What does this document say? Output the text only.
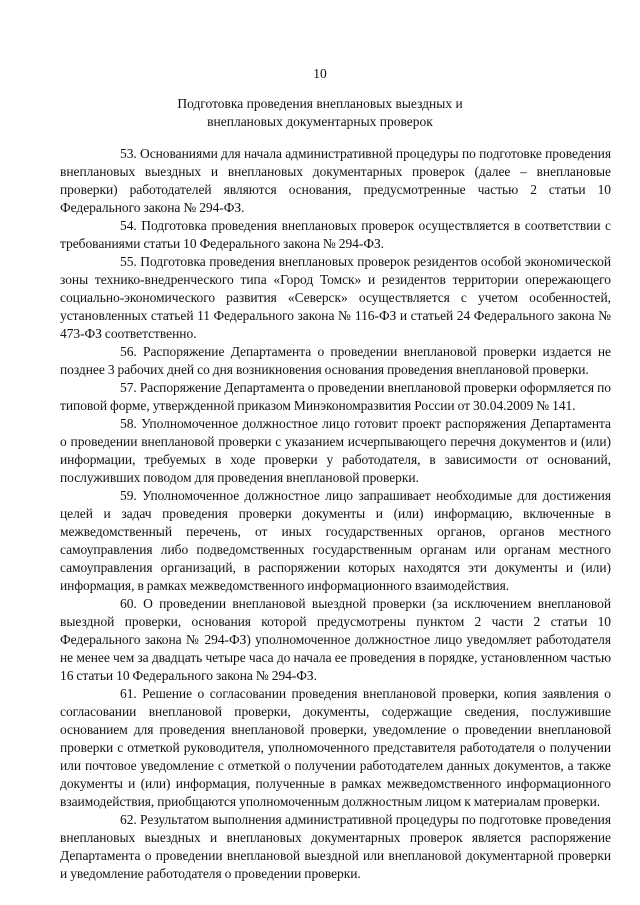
10
Подготовка проведения внеплановых выездных и
внеплановых документарных проверок

53. Основаниями для начала административной процедуры по подготовке проведения внеплановых выездных и внеплановых документарных проверок (далее – внеплановые проверки) работодателей являются основания, предусмотренные частью 2 статьи 10 Федерального закона № 294-ФЗ.

54. Подготовка проведения внеплановых проверок осуществляется в соответствии с требованиями статьи 10 Федерального закона № 294-ФЗ.

55. Подготовка проведения внеплановых проверок резидентов особой экономической зоны технико-внедренческого типа «Город Томск» и резидентов территории опережающего социально-экономического развития «Северск» осуществляется с учетом особенностей, установленных статьей 11 Федерального закона № 116-ФЗ и статьей 24 Федерального закона № 473-ФЗ соответственно.

56. Распоряжение Департамента о проведении внеплановой проверки издается не позднее 3 рабочих дней со дня возникновения основания проведения внеплановой проверки.

57. Распоряжение Департамента о проведении внеплановой проверки оформляется по типовой форме, утвержденной приказом Минэкономразвития России от 30.04.2009 № 141.

58. Уполномоченное должностное лицо готовит проект распоряжения Департамента о проведении внеплановой проверки с указанием исчерпывающего перечня документов и (или) информации, требуемых в ходе проверки у работодателя, в зависимости от оснований, послуживших поводом для проведения внеплановой проверки.

59. Уполномоченное должностное лицо запрашивает необходимые для достижения целей и задач проведения проверки документы и (или) информацию, включенные в межведомственный перечень, от иных государственных органов, органов местного самоуправления либо подведомственных государственным органам или органам местного самоуправления организаций, в распоряжении которых находятся эти документы и (или) информация, в рамках межведомственного информационного взаимодействия.

60. О проведении внеплановой выездной проверки (за исключением внеплановой выездной проверки, основания которой предусмотрены пунктом 2 части 2 статьи 10 Федерального закона № 294-ФЗ) уполномоченное должностное лицо уведомляет работодателя не менее чем за двадцать четыре часа до начала ее проведения в порядке, установленном частью 16 статьи 10 Федерального закона № 294-ФЗ.

61. Решение о согласовании проведения внеплановой проверки, копия заявления о согласовании внеплановой проверки, документы, содержащие сведения, послужившие основанием для проведения внеплановой проверки, уведомление о проведении внеплановой проверки с отметкой руководителя, уполномоченного представителя работодателя о получении или почтовое уведомление с отметкой о получении работодателем данных документов, а также документы и (или) информация, полученные в рамках межведомственного информационного взаимодействия, приобщаются уполномоченным должностным лицом к материалам проверки.

62. Результатом выполнения административной процедуры по подготовке проведения внеплановых выездных и внеплановых документарных проверок является распоряжение Департамента о проведении внеплановой выездной или внеплановой документарной проверки и уведомление работодателя о проведении проверки.
